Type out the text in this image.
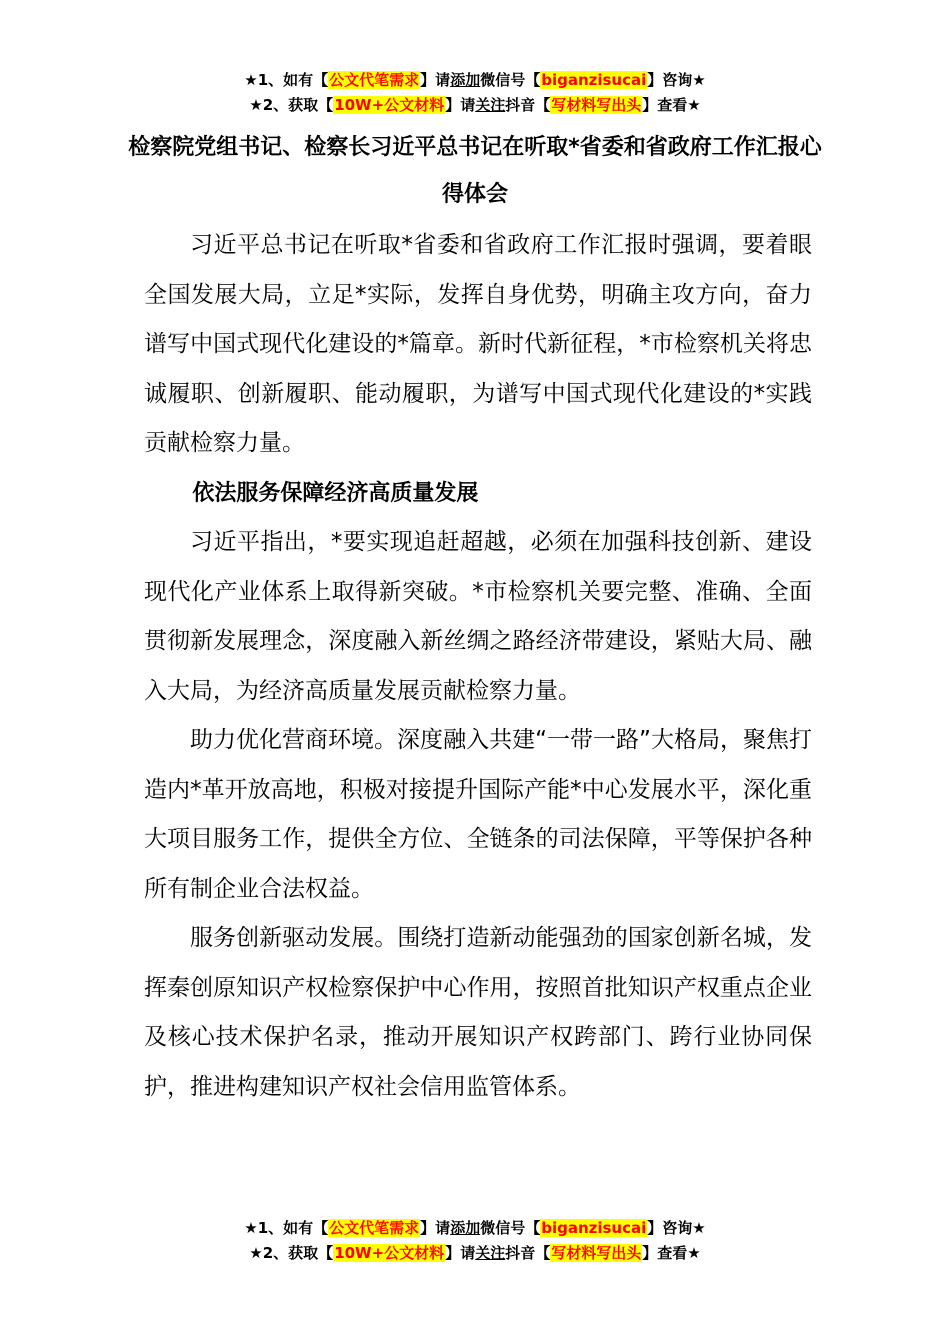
★1、如有【公文代笔需求】请添加微信号【biganzisucai】咨询★
★2、获取【10W+公文材料】请关注抖音【写材料写出头】查看★
检察院党组书记、检察长习近平总书记在听取*省委和省政府工作汇报心得体会

习近平总书记在听取*省委和省政府工作汇报时强调，要着眼全国发展大局，立足*实际，发挥自身优势，明确主攻方向，奋力谱写中国式现代化建设的*篇章。新时代新征程，*市检察机关将忠诚履职、创新履职、能动履职，为谱写中国式现代化建设的*实践贡献检察力量。

依法服务保障经济高质量发展

习近平指出，*要实现追赶超越，必须在加强科技创新、建设现代化产业体系上取得新突破。*市检察机关要完整、准确、全面贯彻新发展理念，深度融入新丝绸之路经济带建设，紧贴大局、融入大局，为经济高质量发展贡献检察力量。

助力优化营商环境。深度融入共建“一带一路”大格局，聚焦打造内*革开放高地，积极对接提升国际产能*中心发展水平，深化重大项目服务工作，提供全方位、全链条的司法保障，平等保护各种所有制企业合法权益。

服务创新驱动发展。围绕打造新动能强劲的国家创新名城，发挥秦创原知识产权检察保护中心作用，按照首批知识产权重点企业及核心技术保护名录，推动开展知识产权跨部门、跨行业协同保护，推进构建知识产权社会信用监管体系。

★1、如有【公文代笔需求】请添加微信号【biganzisucai】咨询★
★2、获取【10W+公文材料】请关注抖音【写材料写出头】查看★
